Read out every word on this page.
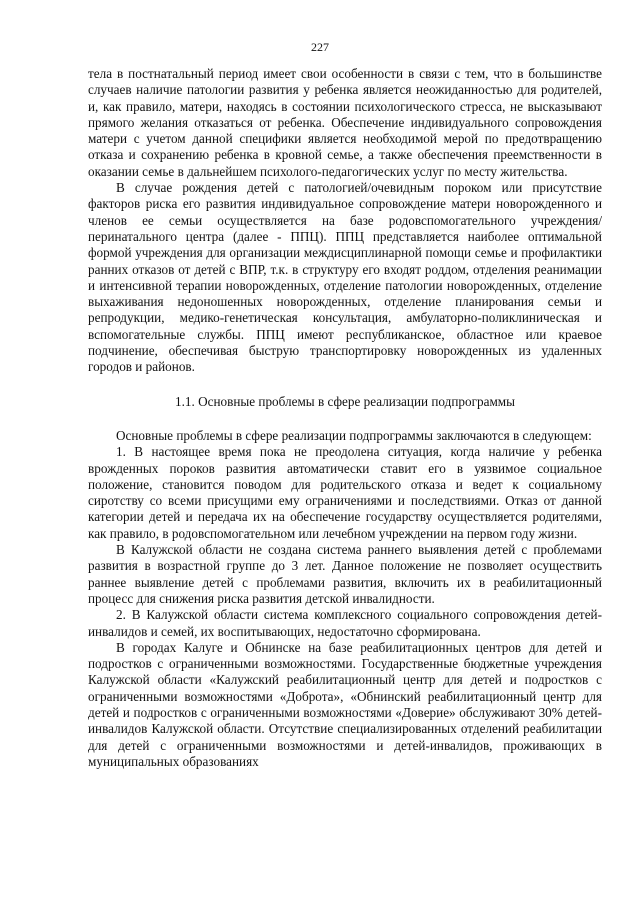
227

тела в постнатальный период имеет свои особенности в связи с тем, что в большинстве случаев наличие патологии развития у ребенка является неожиданностью для родителей, и, как правило, матери, находясь в состоянии психологического стресса, не высказывают прямого желания отказаться от ребенка. Обеспечение индивидуального сопровождения матери с учетом данной специфики является необходимой мерой по предотвращению отказа и сохранению ребенка в кровной семье, а также обеспечения преемственности в оказании семье в дальнейшем психолого-педагогических услуг по месту жительства.

В случае рождения детей с патологией/очевидным пороком или присутствие факторов риска его развития индивидуальное сопровождение матери новорожденного и членов ее семьи осуществляется на базе родовспомогательного учреждения/перинатального центра (далее - ППЦ). ППЦ представляется наиболее оптимальной формой учреждения для организации междисциплинарной помощи семье и профилактики ранних отказов от детей с ВПР, т.к. в структуру его входят роддом, отделения реанимации и интенсивной терапии новорожденных, отделение патологии новорожденных, отделение выхаживания недоношенных новорожденных, отделение планирования семьи и репродукции, медико-генетическая консультация, амбулаторно-поликлиническая и вспомогательные службы. ППЦ имеют республиканское, областное или краевое подчинение, обеспечивая быструю транспортировку новорожденных из удаленных городов и районов.

1.1. Основные проблемы в сфере реализации подпрограммы

Основные проблемы в сфере реализации подпрограммы заключаются в следующем:

1. В настоящее время пока не преодолена ситуация, когда наличие у ребенка врожденных пороков развития автоматически ставит его в уязвимое социальное положение, становится поводом для родительского отказа и ведет к социальному сиротству со всеми присущими ему ограничениями и последствиями. Отказ от данной категории детей и передача их на обеспечение государству осуществляется родителями, как правило, в родовспомогательном или лечебном учреждении на первом году жизни.

В Калужской области не создана система раннего выявления детей с проблемами развития в возрастной группе до 3 лет. Данное положение не позволяет осуществить раннее выявление детей с проблемами развития, включить их в реабилитационный процесс для снижения риска развития детской инвалидности.

2. В Калужской области система комплексного социального сопровождения детей-инвалидов и семей, их воспитывающих, недостаточно сформирована.

В городах Калуге и Обнинске на базе реабилитационных центров для детей и подростков с ограниченными возможностями. Государственные бюджетные учреждения Калужской области «Калужский реабилитационный центр для детей и подростков с ограниченными возможностями «Доброта», «Обнинский реабилитационный центр для детей и подростков с ограниченными возможностями «Доверие» обслуживают 30% детей-инвалидов Калужской области. Отсутствие специализированных отделений реабилитации для детей с ограниченными возможностями и детей-инвалидов, проживающих в муниципальных образованиях
